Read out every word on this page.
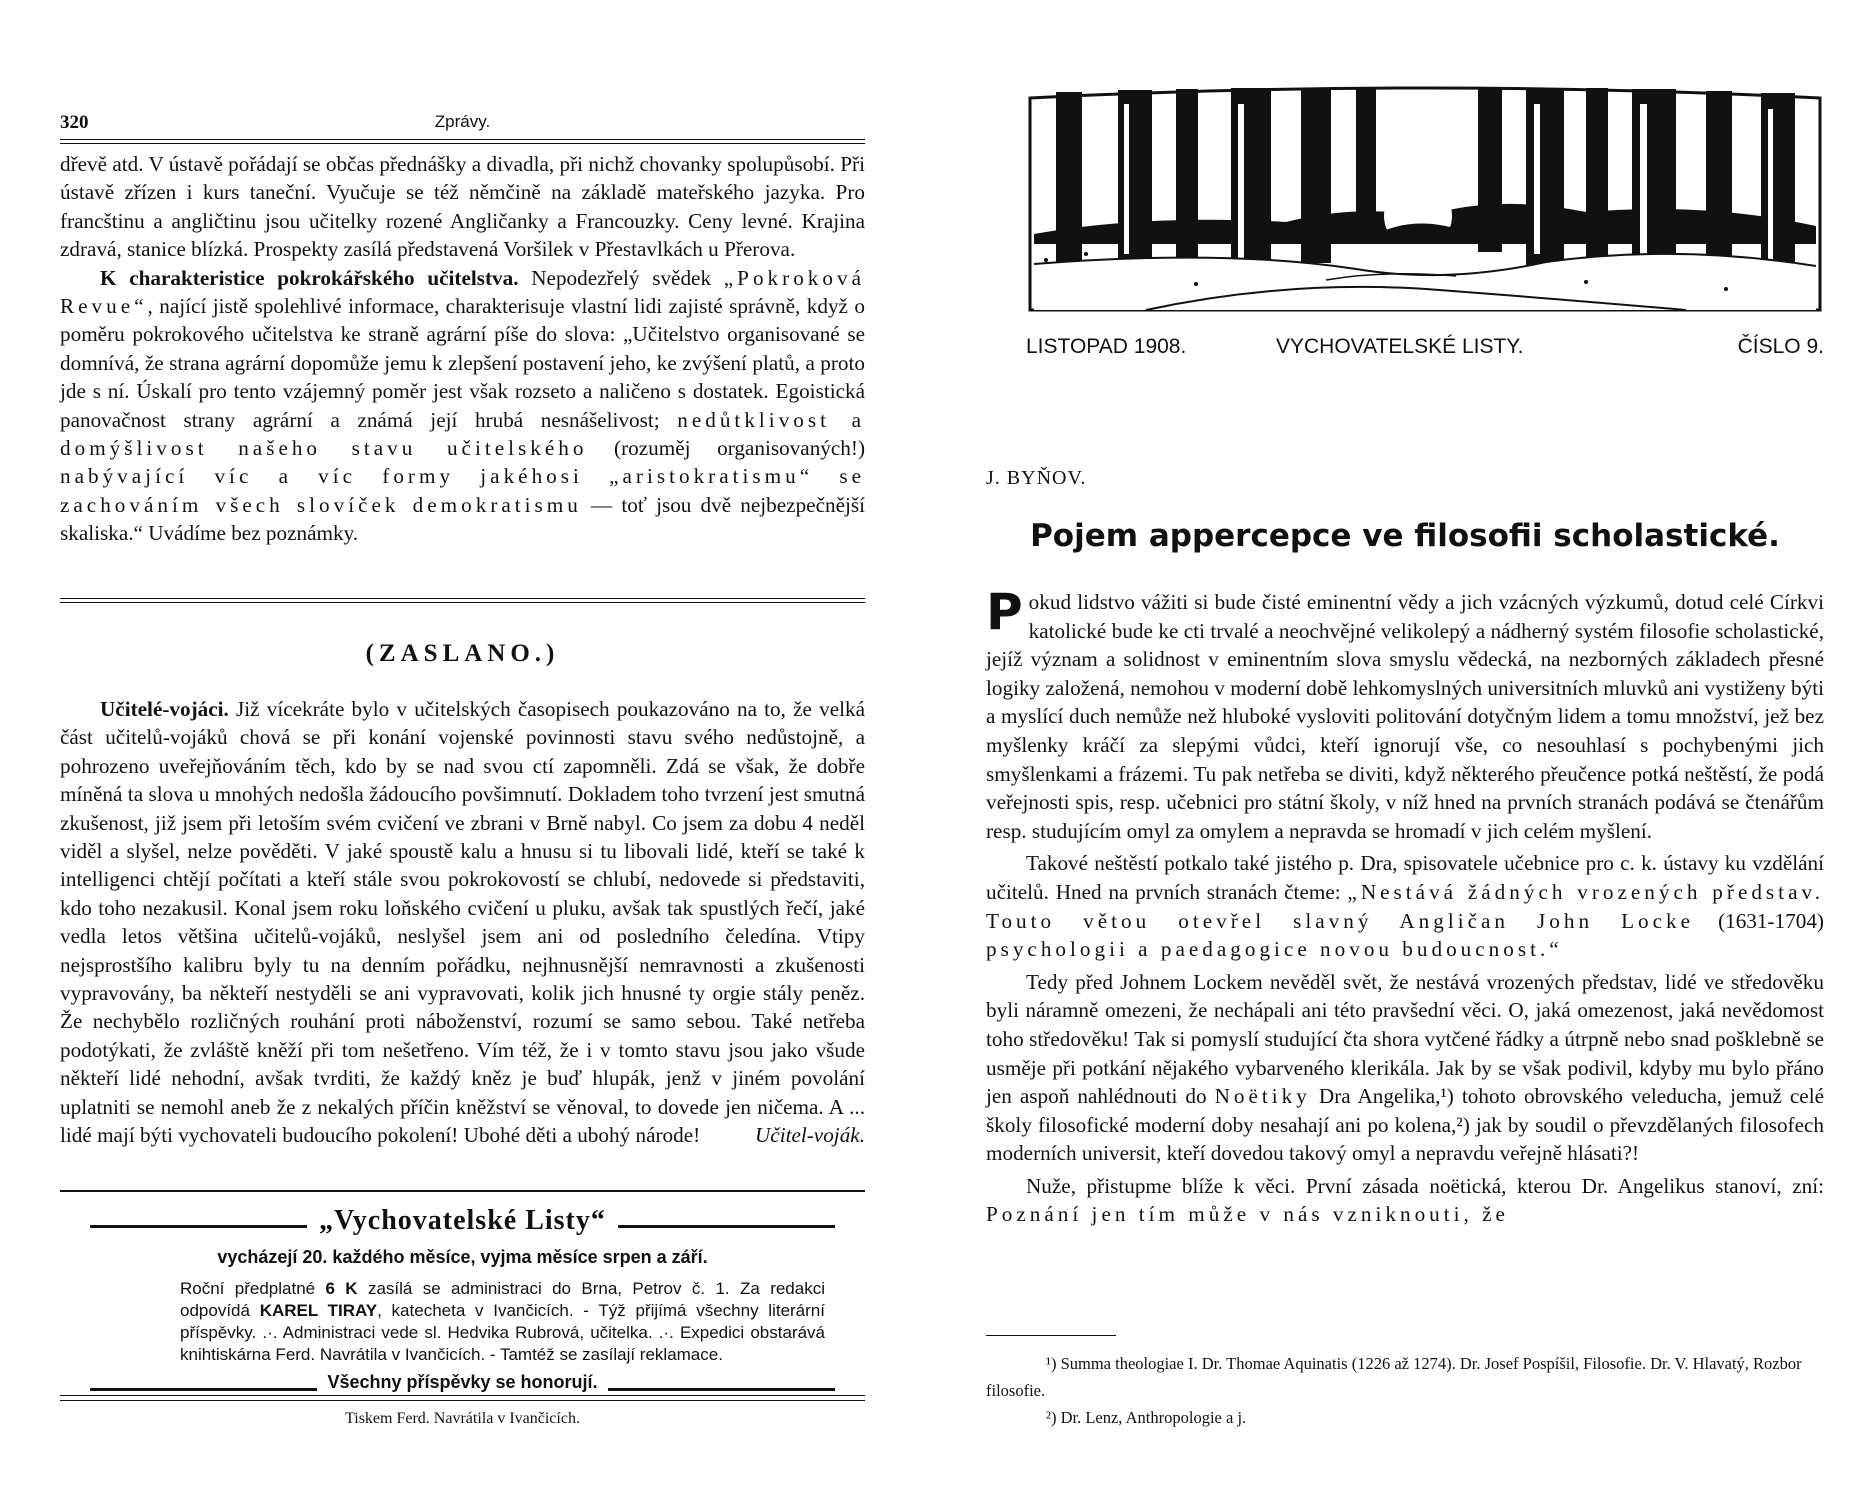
320	Zprávy.

dřevě atd. V ústavě pořádají se občas přednášky a divadla, při nichž chovanky spolupůsobí. Při ústavě zřízen i kurs taneční. Vyučuje se též němčině na základě mateřského jazyka. Pro francštinu a angličtinu jsou učitelky rozené Angličanky a Francouzky. Ceny levné. Krajina zdravá, stanice blízká. Prospekty zasílá představená Voršilek v Přestavlkách u Přerova.

K charakteristice pokrokářského učitelstva. Nepodezřelý svědek „Pokroková Revue“, nající jistě spolehlivé informace, charakterisuje vlastní lidi zajisté správně, když o poměru pokrokového učitelstva ke straně agrární píše do slova: „Učitelstvo organisované se domnívá, že strana agrární dopomůže jemu k zlepšení postavení jeho, ke zvýšení platů, a proto jde s ní. Úskalí pro tento vzájemný poměr jest však rozseto a naličeno s dostatek. Egoistická panovačnost strany agrární a známá její hrubá nesnášelivost; nedůtklivost a domýšlivost našeho stavu učitelského (rozuměj organisovaných!) nabývající víc a víc formy jakéhosi „aristokratismu“ se zachováním všech slovíček demokratismu — toť jsou dvě nejbezpečnější skaliska.“ Uvádíme bez poznámky.

(ZASLANO.)

Učitelé-vojáci. Již vícekráte bylo v učitelských časopisech poukazováno na to, že velká část učitelů-vojáků chová se při konání vojenské povinnosti stavu svého nedůstojně, a pohrozeno uveřejňováním těch, kdo by se nad svou ctí zapomněli. Zdá se však, že dobře míněná ta slova u mnohých nedošla žádoucího povšimnutí. Dokladem toho tvrzení jest smutná zkušenost, již jsem při letoším svém cvičení ve zbrani v Brně nabyl. Co jsem za dobu 4 neděl viděl a slyšel, nelze pověděti. V jaké spoustě kalu a hnusu si tu libovali lidé, kteří se také k intelligenci chtějí počítati a kteří stále svou pokrokovostí se chlubí, nedovede si představiti, kdo toho nezakusil. Konal jsem roku loňského cvičení u pluku, avšak tak spustlých řečí, jaké vedla letos většina učitelů-vojáků, neslyšel jsem ani od posledního čeledína. Vtipy nejsprostšího kalibru byly tu na denním pořádku, nejhnusnější nemravnosti a zkušenosti vypravovány, ba někteří nestyděli se ani vypravovati, kolik jich hnusné ty orgie stály peněz. Že nechybělo rozličných rouhání proti náboženství, rozumí se samo sebou. Také netřeba podotýkati, že zvláště kněží při tom nešetřeno. Vím též, že i v tomto stavu jsou jako všude někteří lidé nehodní, avšak tvrditi, že každý kněz je buď hlupák, jenž v jiném povolání uplatniti se nemohl aneb že z nekalých příčin kněžství se věnoval, to dovede jen ničema. A ... lidé mají býti vychovateli budoucího pokolení! Ubohé děti a ubohý národe!	Učitel-voják.

„Vychovatelské Listy“
vycházejí 20. každého měsíce, vyjma měsíce srpen a září.
Roční předplatné 6 K zasílá se administraci do Brna, Petrov č. 1. Za redakci odpovídá KAREL TIRAY, katecheta v Ivančicích. - Týž přijímá všechny literární příspěvky. .·. Administraci vede sl. Hedvika Rubrová, učitelka. .·. Expedici obstarává knihtiskárna Ferd. Navrátila v Ivančicích. - Tamtéž se zasílají reklamace.
Všechny příspěvky se honorují.
Tiskem Ferd. Navrátila v Ivančicích.
LISTOPAD 1908.	VYCHOVATELSKÉ LISTY.	ČÍSLO 9.
J. BYŇOV.
Pojem appercepce ve filosofii scholastické.

Pokud lidstvo vážiti si bude čisté eminentní vědy a jich vzácných výzkumů, dotud celé Církvi katolické bude ke cti trvalé a neochvějné velikolepý a nádherný systém filosofie scholastické, jejíž význam a solidnost v eminentním slova smyslu vědecká, na nezborných základech přesné logiky založená, nemohou v moderní době lehkomyslných universitních mluvků ani vystiženy býti a myslící duch nemůže než hluboké vysloviti politování dotyčným lidem a tomu množství, jež bez myšlenky kráčí za slepými vůdci, kteří ignorují vše, co nesouhlasí s pochybenými jich smyšlenkami a frázemi. Tu pak netřeba se diviti, když některého přeučence potká neštěstí, že podá veřejnosti spis, resp. učebnici pro státní školy, v níž hned na prvních stranách podává se čtenářům resp. studujícím omyl za omylem a nepravda se hromadí v jich celém myšlení.

Takové neštěstí potkalo také jistého p. Dra, spisovatele učebnice pro c. k. ústavy ku vzdělání učitelů. Hned na prvních stranách čteme: „Nestává žádných vrozených představ. Touto větou otevřel slavný Angličan John Locke (1631-1704) psychologii a paedagogice novou budoucnost.“

Tedy před Johnem Lockem nevěděl svět, že nestává vrozených představ, lidé ve středověku byli náramně omezeni, že nechápali ani této pravšední věci. O, jaká omezenost, jaká nevědomost toho středověku! Tak si pomyslí studující čta shora vytčené řádky a útrpně nebo snad pošklebně se usměje při potkání nějakého vybarveného klerikála. Jak by se však podivil, kdyby mu bylo přáno jen aspoň nahlédnouti do Noëtiky Dra Angelika,¹) tohoto obrovského veleducha, jemuž celé školy filosofické moderní doby nesahají ani po kolena,²) jak by soudil o převzdělaných filosofech moderních universit, kteří dovedou takový omyl a nepravdu veřejně hlásati?!

Nuže, přistupme blíže k věci. První zásada noëtická, kterou Dr. Angelikus stanoví, zní: Poznání jen tím může v nás vzniknouti, že

¹) Summa theologiae I. Dr. Thomae Aquinatis (1226 až 1274). Dr. Josef Pospíšil, Filosofie. Dr. V. Hlavatý, Rozbor filosofie.

²) Dr. Lenz, Anthropologie a j.
